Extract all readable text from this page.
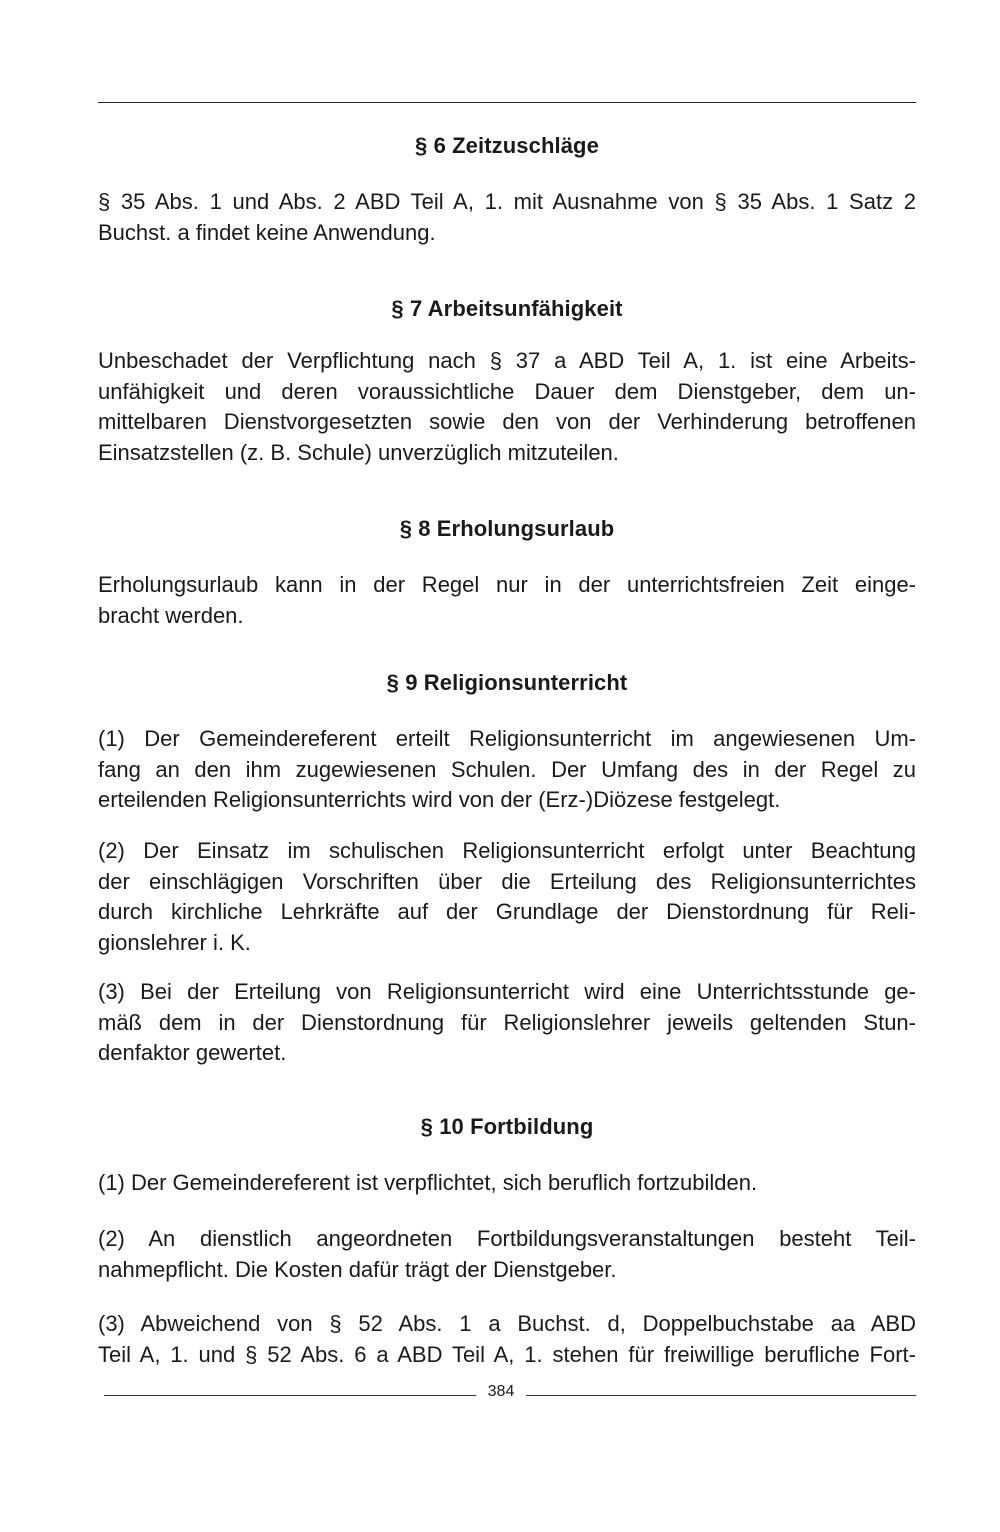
§ 6 Zeitzuschläge
§ 35 Abs. 1 und Abs. 2 ABD Teil A, 1. mit Ausnahme von § 35 Abs. 1 Satz 2
Buchst. a findet keine Anwendung.
§ 7 Arbeitsunfähigkeit
Unbeschadet der Verpflichtung nach § 37 a ABD Teil A, 1. ist eine Arbeits-
unfähigkeit und deren voraussichtliche Dauer dem Dienstgeber, dem un-
mittelbaren Dienstvorgesetzten sowie den von der Verhinderung betroffenen
Einsatzstellen (z. B. Schule) unverzüglich mitzuteilen.
§ 8 Erholungsurlaub
Erholungsurlaub kann in der Regel nur in der unterrichtsfreien Zeit einge-
bracht werden.
§ 9 Religionsunterricht
(1) Der Gemeindereferent erteilt Religionsunterricht im angewiesenen Um-
fang an den ihm zugewiesenen Schulen. Der Umfang des in der Regel zu
erteilenden Religionsunterrichts wird von der (Erz-)Diözese festgelegt.
(2) Der Einsatz im schulischen Religionsunterricht erfolgt unter Beachtung
der einschlägigen Vorschriften über die Erteilung des Religionsunterrichtes
durch kirchliche Lehrkräfte auf der Grundlage der Dienstordnung für Reli-
gionslehrer i. K.
(3) Bei der Erteilung von Religionsunterricht wird eine Unterrichtsstunde ge-
mäß dem in der Dienstordnung für Religionslehrer jeweils geltenden Stun-
denfaktor gewertet.
§ 10 Fortbildung
(1) Der Gemeindereferent ist verpflichtet, sich beruflich fortzubilden.
(2) An dienstlich angeordneten Fortbildungsveranstaltungen besteht Teil-
nahmepflicht. Die Kosten dafür trägt der Dienstgeber.
(3) Abweichend von § 52 Abs. 1 a Buchst. d, Doppelbuchstabe aa ABD
Teil A, 1. und § 52 Abs. 6 a ABD Teil A, 1. stehen für freiwillige berufliche Fort-
384
